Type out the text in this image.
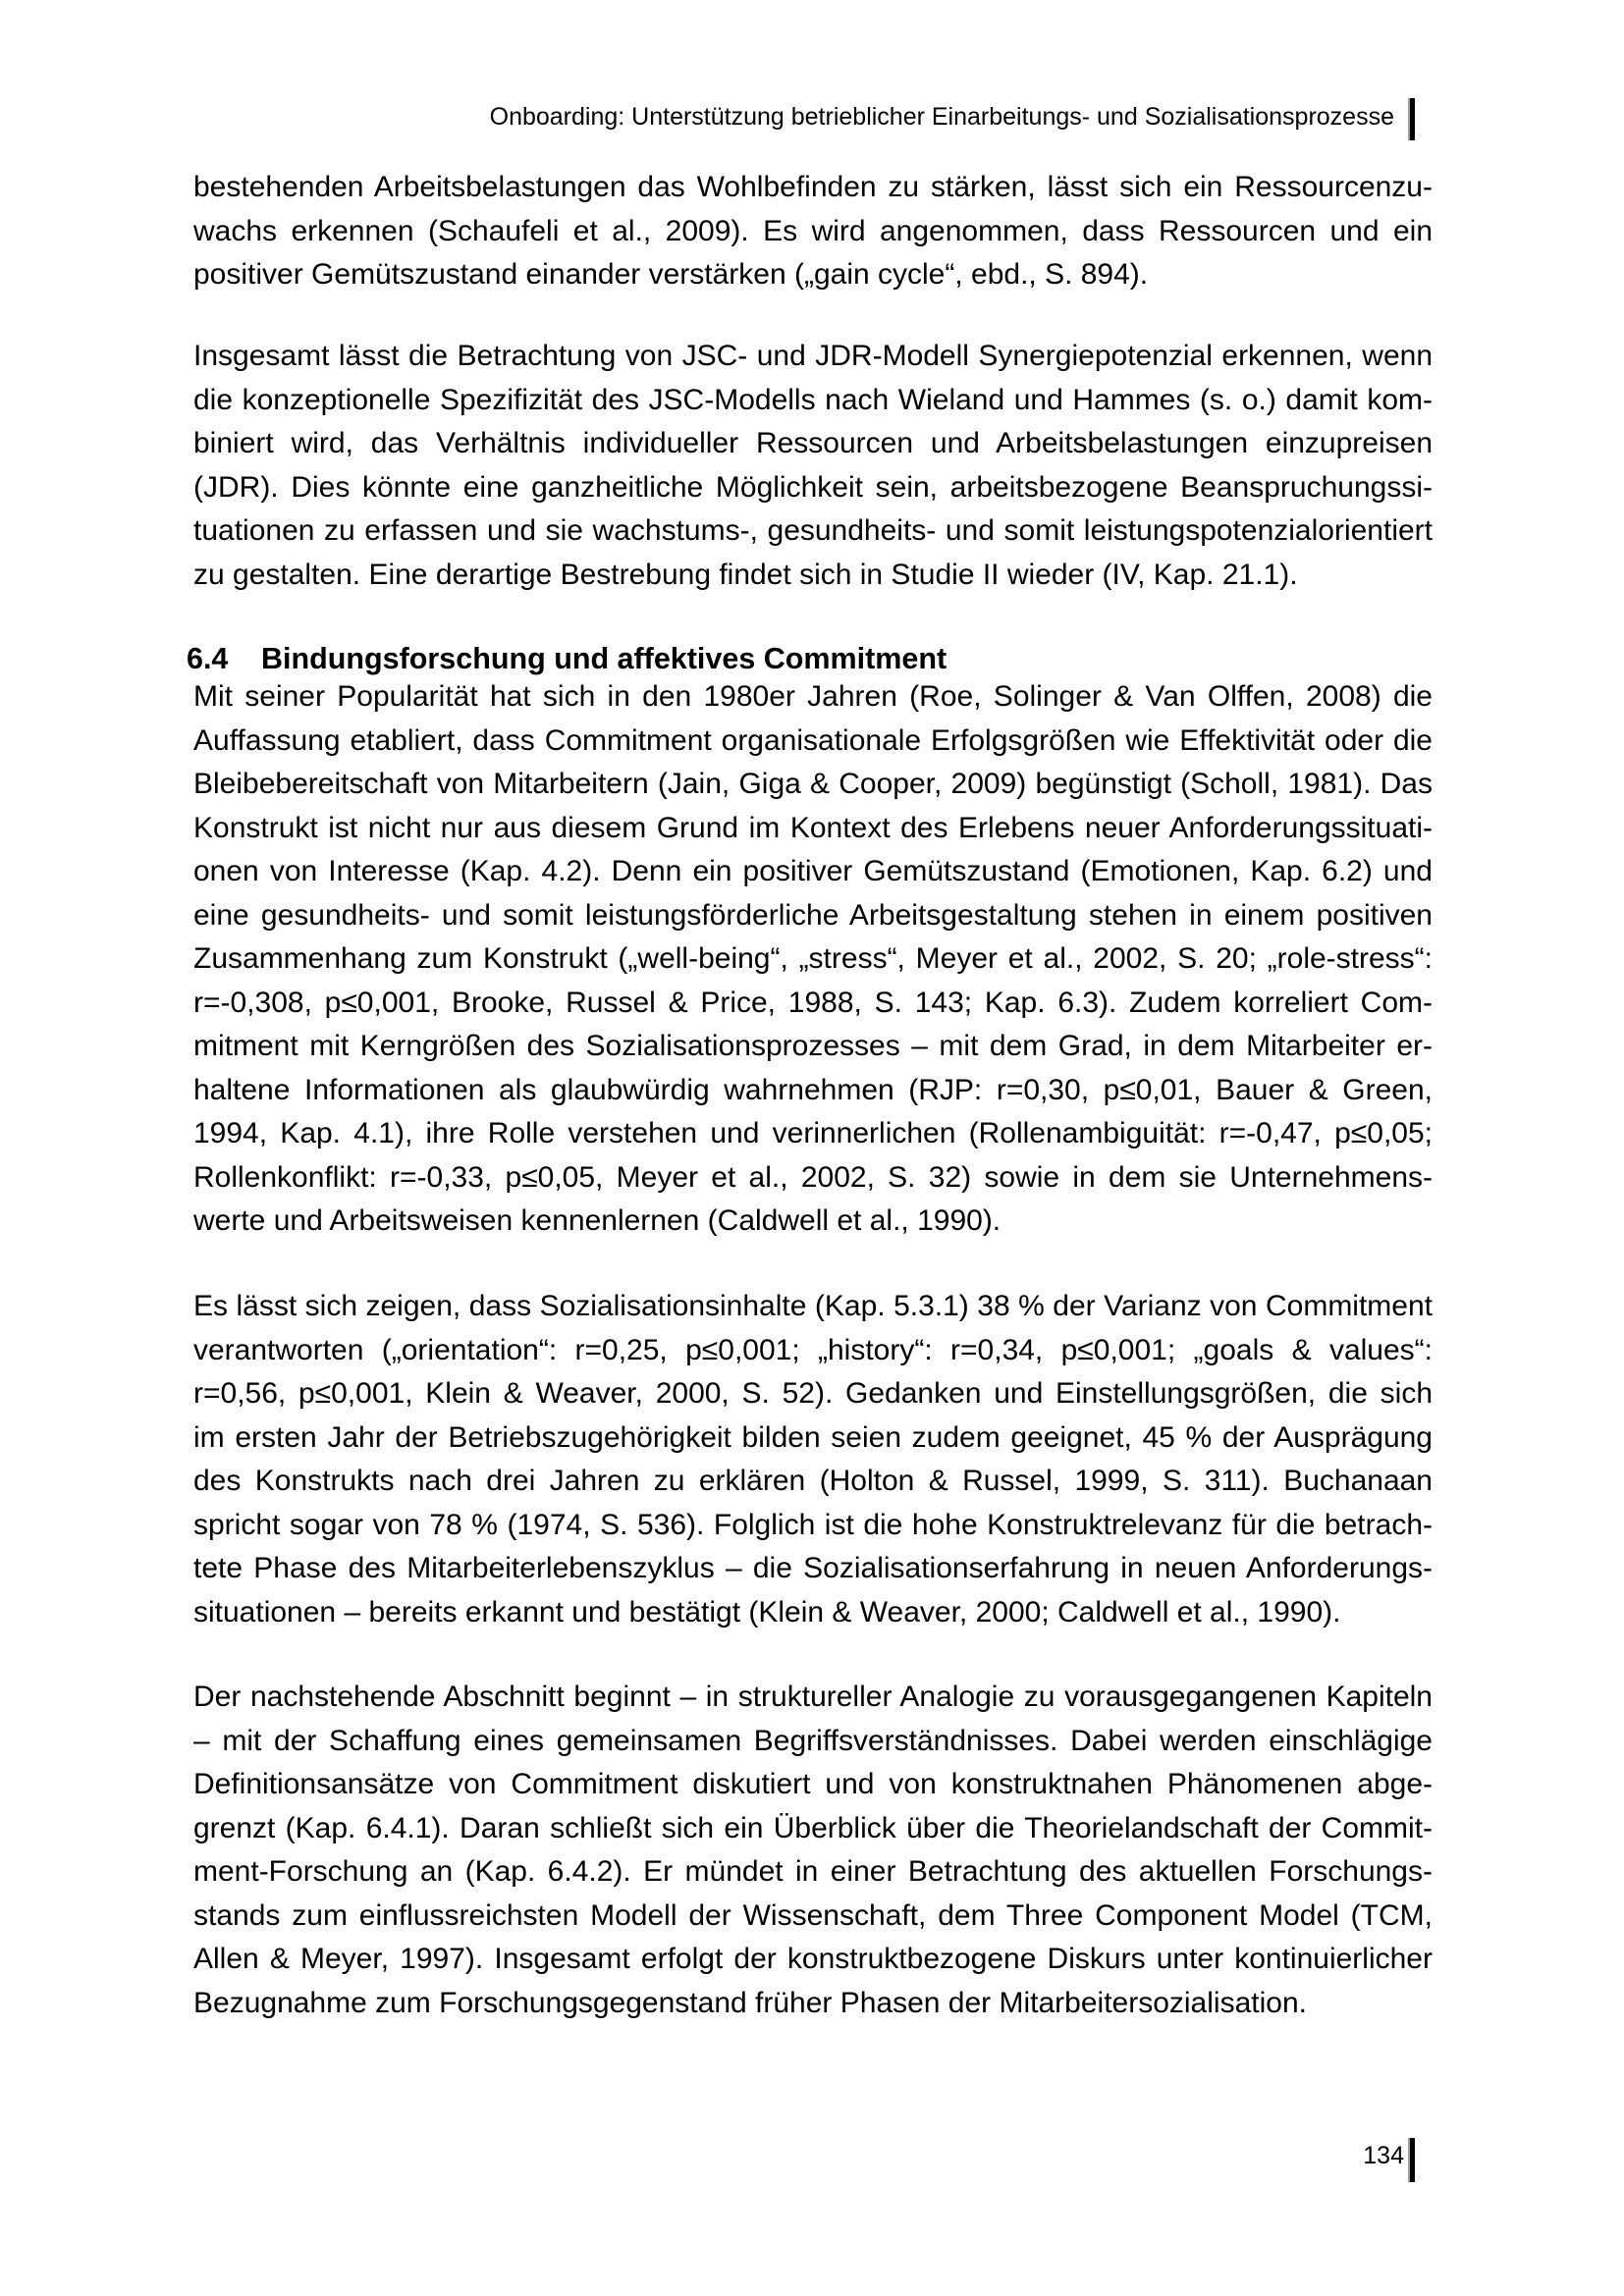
Onboarding: Unterstützung betrieblicher Einarbeitungs- und Sozialisationsprozesse
bestehenden Arbeitsbelastungen das Wohlbefinden zu stärken, lässt sich ein Ressourcenzu-
wachs erkennen (Schaufeli et al., 2009). Es wird angenommen, dass Ressourcen und ein
positiver Gemütszustand einander verstärken („gain cycle“, ebd., S. 894).
Insgesamt lässt die Betrachtung von JSC- und JDR-Modell Synergiepotenzial erkennen, wenn
die konzeptionelle Spezifizität des JSC-Modells nach Wieland und Hammes (s. o.) damit kom-
biniert wird, das Verhältnis individueller Ressourcen und Arbeitsbelastungen einzupreisen
(JDR). Dies könnte eine ganzheitliche Möglichkeit sein, arbeitsbezogene Beanspruchungssi-
tuationen zu erfassen und sie wachstums-, gesundheits- und somit leistungspotenzialorientiert
zu gestalten. Eine derartige Bestrebung findet sich in Studie II wieder (IV, Kap. 21.1).
6.4 Bindungsforschung und affektives Commitment
Mit seiner Popularität hat sich in den 1980er Jahren (Roe, Solinger & Van Olffen, 2008) die
Auffassung etabliert, dass Commitment organisationale Erfolgsgrößen wie Effektivität oder die
Bleibebereitschaft von Mitarbeitern (Jain, Giga & Cooper, 2009) begünstigt (Scholl, 1981). Das
Konstrukt ist nicht nur aus diesem Grund im Kontext des Erlebens neuer Anforderungssituati-
onen von Interesse (Kap. 4.2). Denn ein positiver Gemütszustand (Emotionen, Kap. 6.2) und
eine gesundheits- und somit leistungsförderliche Arbeitsgestaltung stehen in einem positiven
Zusammenhang zum Konstrukt („well-being“, „stress“, Meyer et al., 2002, S. 20; „role-stress“:
r=-0,308, p≤0,001, Brooke, Russel & Price, 1988, S. 143; Kap. 6.3). Zudem korreliert Com-
mitment mit Kerngrößen des Sozialisationsprozesses – mit dem Grad, in dem Mitarbeiter er-
haltene Informationen als glaubwürdig wahrnehmen (RJP: r=0,30, p≤0,01, Bauer & Green,
1994, Kap. 4.1), ihre Rolle verstehen und verinnerlichen (Rollenambiguität: r=-0,47, p≤0,05;
Rollenkonflikt: r=-0,33, p≤0,05, Meyer et al., 2002, S. 32) sowie in dem sie Unternehmens-
werte und Arbeitsweisen kennenlernen (Caldwell et al., 1990).
Es lässt sich zeigen, dass Sozialisationsinhalte (Kap. 5.3.1) 38 % der Varianz von Commitment
verantworten („orientation“: r=0,25, p≤0,001; „history“: r=0,34, p≤0,001; „goals & values“:
r=0,56, p≤0,001, Klein & Weaver, 2000, S. 52). Gedanken und Einstellungsgrößen, die sich
im ersten Jahr der Betriebszugehörigkeit bilden seien zudem geeignet, 45 % der Ausprägung
des Konstrukts nach drei Jahren zu erklären (Holton & Russel, 1999, S. 311). Buchanaan
spricht sogar von 78 % (1974, S. 536). Folglich ist die hohe Konstruktrelevanz für die betrach-
tete Phase des Mitarbeiterlebenszyklus – die Sozialisationserfahrung in neuen Anforderungs-
situationen – bereits erkannt und bestätigt (Klein & Weaver, 2000; Caldwell et al., 1990).
Der nachstehende Abschnitt beginnt – in struktureller Analogie zu vorausgegangenen Kapiteln
– mit der Schaffung eines gemeinsamen Begriffsverständnisses. Dabei werden einschlägige
Definitionsansätze von Commitment diskutiert und von konstruktnahen Phänomenen abge-
grenzt (Kap. 6.4.1). Daran schließt sich ein Überblick über die Theorielandschaft der Commit-
ment-Forschung an (Kap. 6.4.2). Er mündet in einer Betrachtung des aktuellen Forschungs-
stands zum einflussreichsten Modell der Wissenschaft, dem Three Component Model (TCM,
Allen & Meyer, 1997). Insgesamt erfolgt der konstruktbezogene Diskurs unter kontinuierlicher
Bezugnahme zum Forschungsgegenstand früher Phasen der Mitarbeitersozialisation.
134
